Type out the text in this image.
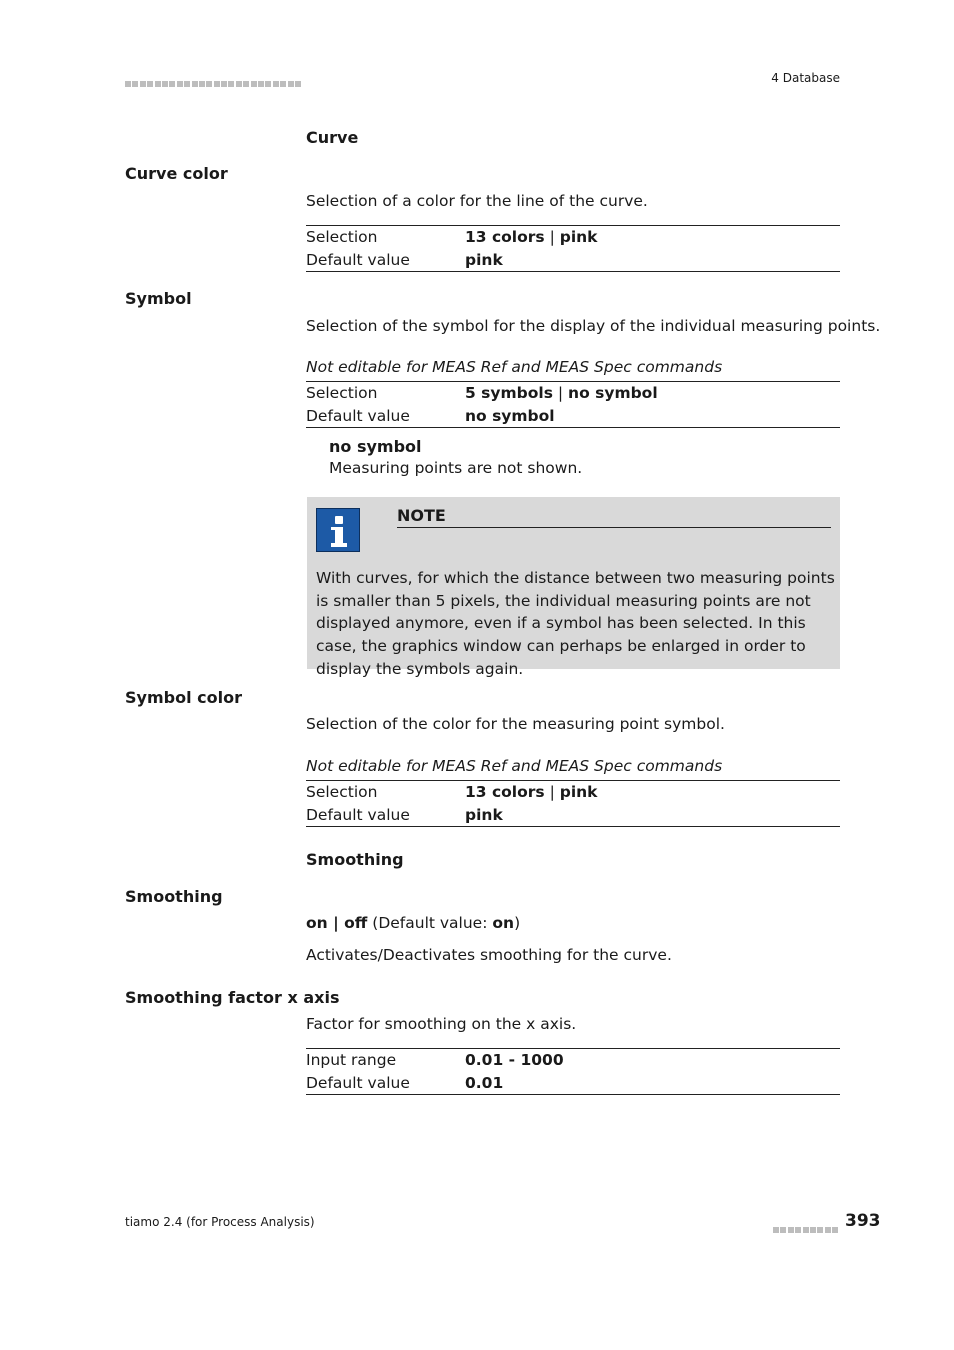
4 Database
Curve
Curve color
Selection of a color for the line of the curve.
Selection	13 colors | pink
Default value	pink
Symbol
Selection of the symbol for the display of the individual measuring points.
Not editable for MEAS Ref and MEAS Spec commands
Selection	5 symbols | no symbol
Default value	no symbol
no symbol
Measuring points are not shown.
NOTE
With curves, for which the distance between two measuring points is smaller than 5 pixels, the individual measuring points are not displayed anymore, even if a symbol has been selected. In this case, the graphics window can perhaps be enlarged in order to display the symbols again.
Symbol color
Selection of the color for the measuring point symbol.
Not editable for MEAS Ref and MEAS Spec commands
Selection	13 colors | pink
Default value	pink
Smoothing
Smoothing
on | off (Default value: on)
Activates/Deactivates smoothing for the curve.
Smoothing factor x axis
Factor for smoothing on the x axis.
Input range	0.01 - 1000
Default value	0.01
tiamo 2.4 (for Process Analysis)	393
